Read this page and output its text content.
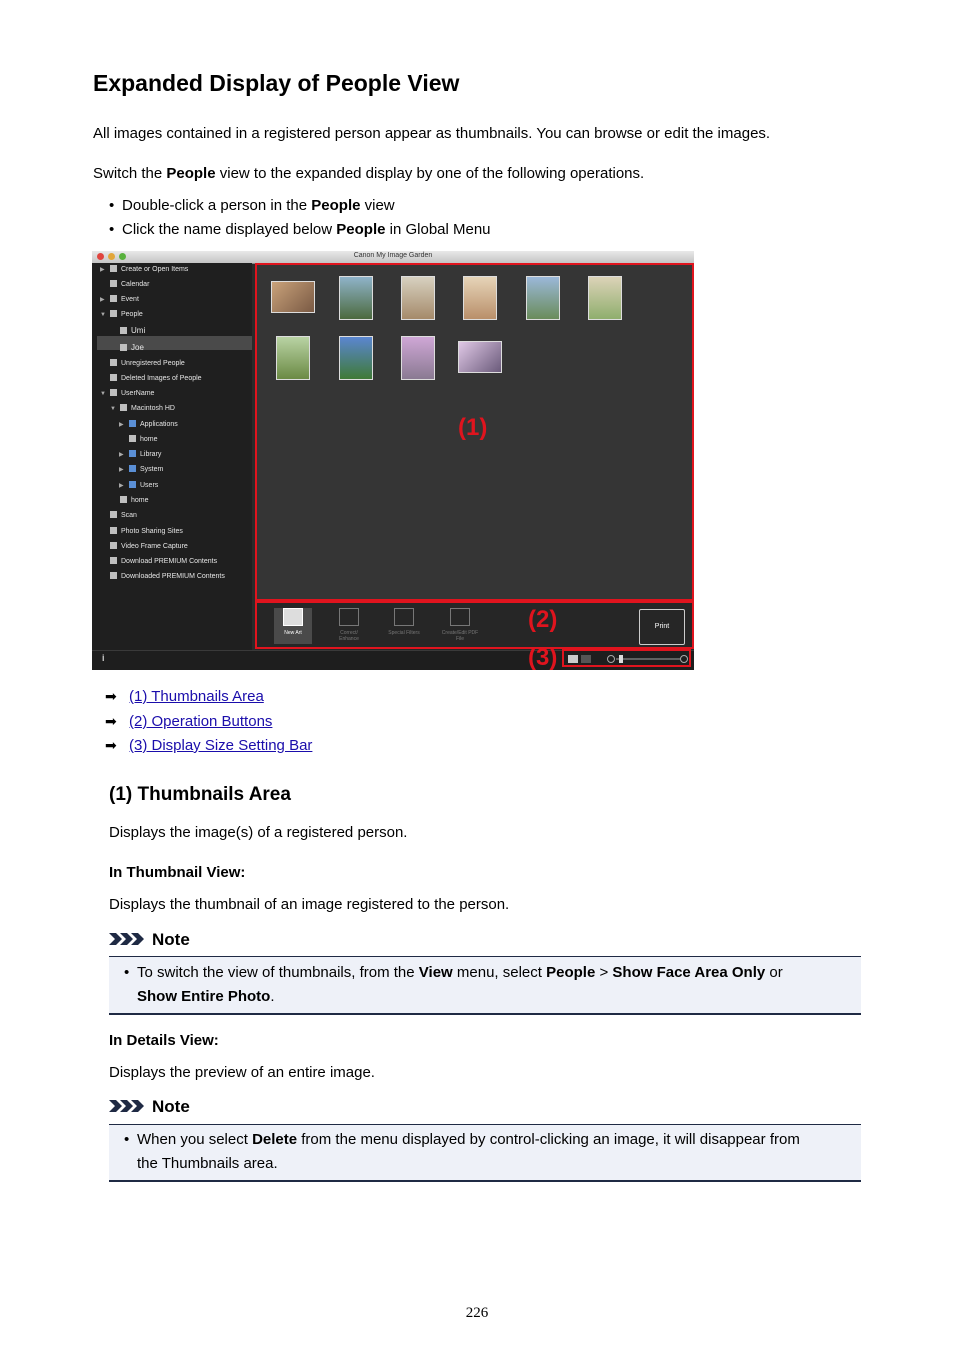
Expanded Display of People View
All images contained in a registered person appear as thumbnails. You can browse or edit the images.
Switch the People view to the expanded display by one of the following operations.
• Double-click a person in the People view
• Click the name displayed below People in Global Menu
Canon My Image Garden
▶ Create or Open Items
Calendar
▶ Event
▼ People
Umi
Joe
Unregistered People
Deleted Images of People
▼ UserName
▼ Macintosh HD
▶ Applications
home
▶ Library
▶ System
▶ Users
home
Scan
Photo Sharing Sites
Video Frame Capture
Download PREMIUM Contents
Downloaded PREMIUM Contents
New Art	Correct/ Enhance
Special Filters	Create/Edit PDF File
Print
i
(1)
(2)
(3)
➡ (1) Thumbnails Area
➡ (2) Operation Buttons
➡ (3) Display Size Setting Bar
(1) Thumbnails Area
Displays the image(s) of a registered person.
In Thumbnail View:
Displays the thumbnail of an image registered to the person.
Note
• To switch the view of thumbnails, from the View menu, select People > Show Face Area Only or
Show Entire Photo.
In Details View:
Displays the preview of an entire image.
Note
• When you select Delete from the menu displayed by control-clicking an image, it will disappear from
the Thumbnails area.
226
